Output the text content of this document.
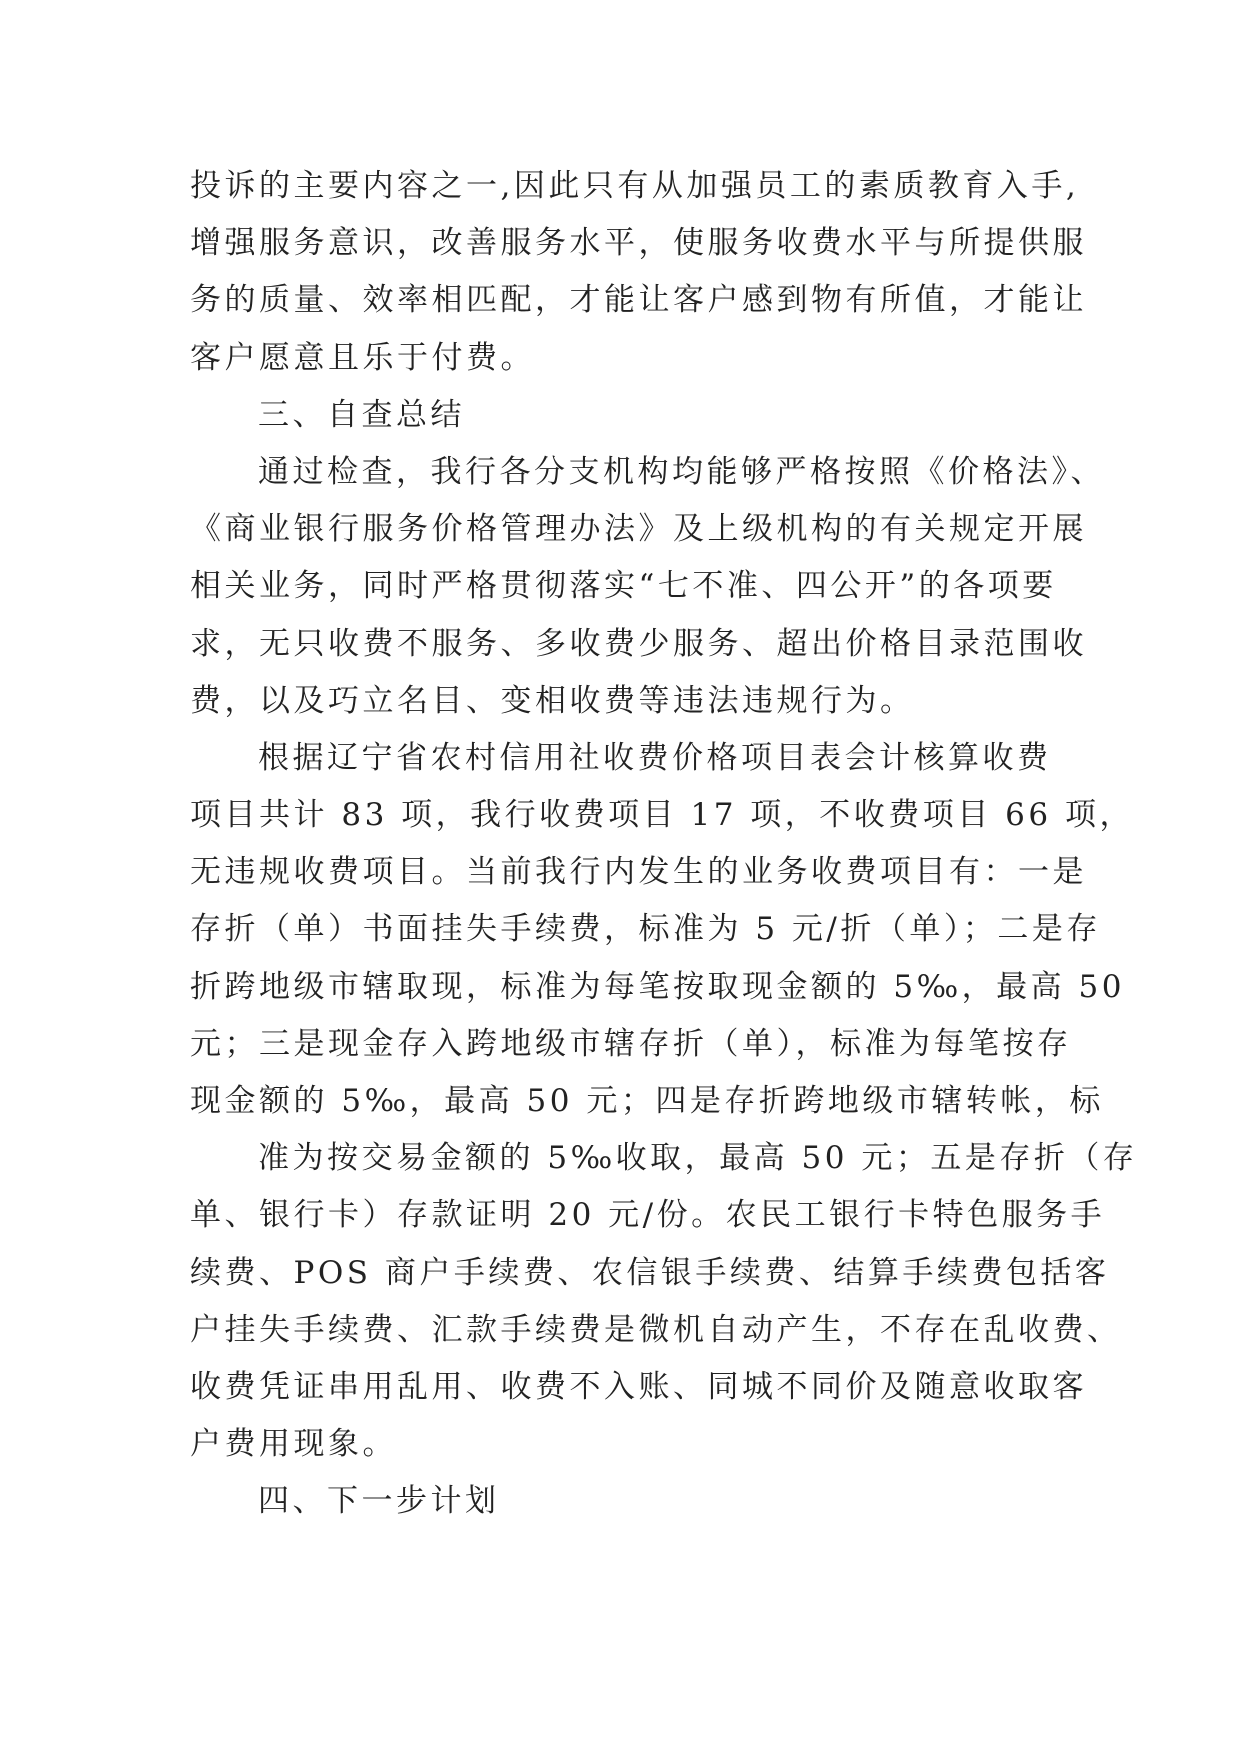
投诉的主要内容之一,因此只有从加强员工的素质教育入手,
增强服务意识，改善服务水平，使服务收费水平与所提供服
务的质量、效率相匹配，才能让客户感到物有所值，才能让
客户愿意且乐于付费。
三、自查总结
通过检查，我行各分支机构均能够严格按照《价格法》、
《商业银行服务价格管理办法》及上级机构的有关规定开展
相关业务，同时严格贯彻落实“七不准、四公开”的各项要
求，无只收费不服务、多收费少服务、超出价格目录范围收
费，以及巧立名目、变相收费等违法违规行为。
根据辽宁省农村信用社收费价格项目表会计核算收费
项目共计 83 项，我行收费项目 17 项，不收费项目 66 项，
无违规收费项目。当前我行内发生的业务收费项目有：一是
存折（单）书面挂失手续费，标准为 5 元/折（单）；二是存
折跨地级市辖取现，标准为每笔按取现金额的 5‰，最高 50
元；三是现金存入跨地级市辖存折（单），标准为每笔按存
现金额的 5‰，最高 50 元；四是存折跨地级市辖转帐，标
准为按交易金额的 5‰收取，最高 50 元；五是存折（存
单、银行卡）存款证明 20 元/份。农民工银行卡特色服务手
续费、POS 商户手续费、农信银手续费、结算手续费包括客
户挂失手续费、汇款手续费是微机自动产生，不存在乱收费、
收费凭证串用乱用、收费不入账、同城不同价及随意收取客
户费用现象。
四、下一步计划
